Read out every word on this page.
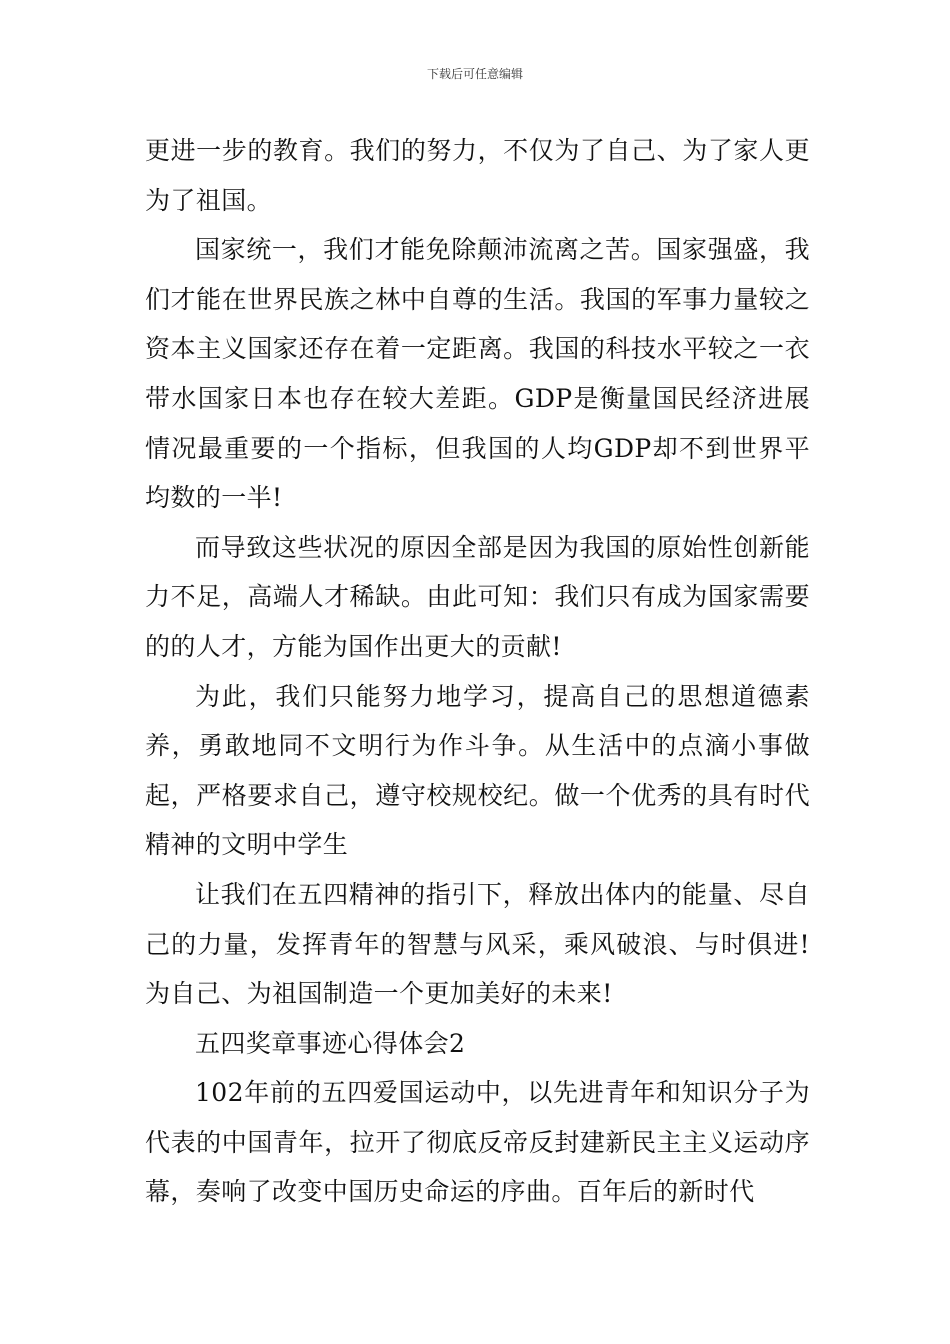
下载后可任意编辑

更进一步的教育。我们的努力，不仅为了自己、为了家人更为了祖国。

国家统一，我们才能免除颠沛流离之苦。国家强盛，我们才能在世界民族之林中自尊的生活。我国的军事力量较之资本主义国家还存在着一定距离。我国的科技水平较之一衣带水国家日本也存在较大差距。GDP是衡量国民经济进展情况最重要的一个指标，但我国的人均GDP却不到世界平均数的一半!

而导致这些状况的原因全部是因为我国的原始性创新能力不足，高端人才稀缺。由此可知：我们只有成为国家需要的的人才，方能为国作出更大的贡献!

为此，我们只能努力地学习，提高自己的思想道德素养，勇敢地同不文明行为作斗争。从生活中的点滴小事做起，严格要求自己，遵守校规校纪。做一个优秀的具有时代精神的文明中学生

让我们在五四精神的指引下，释放出体内的能量、尽自己的力量，发挥青年的智慧与风采，乘风破浪、与时俱进!为自己、为祖国制造一个更加美好的未来!

五四奖章事迹心得体会2

102年前的五四爱国运动中，以先进青年和知识分子为代表的中国青年，拉开了彻底反帝反封建新民主主义运动序幕，奏响了改变中国历史命运的序曲。百年后的新时代
